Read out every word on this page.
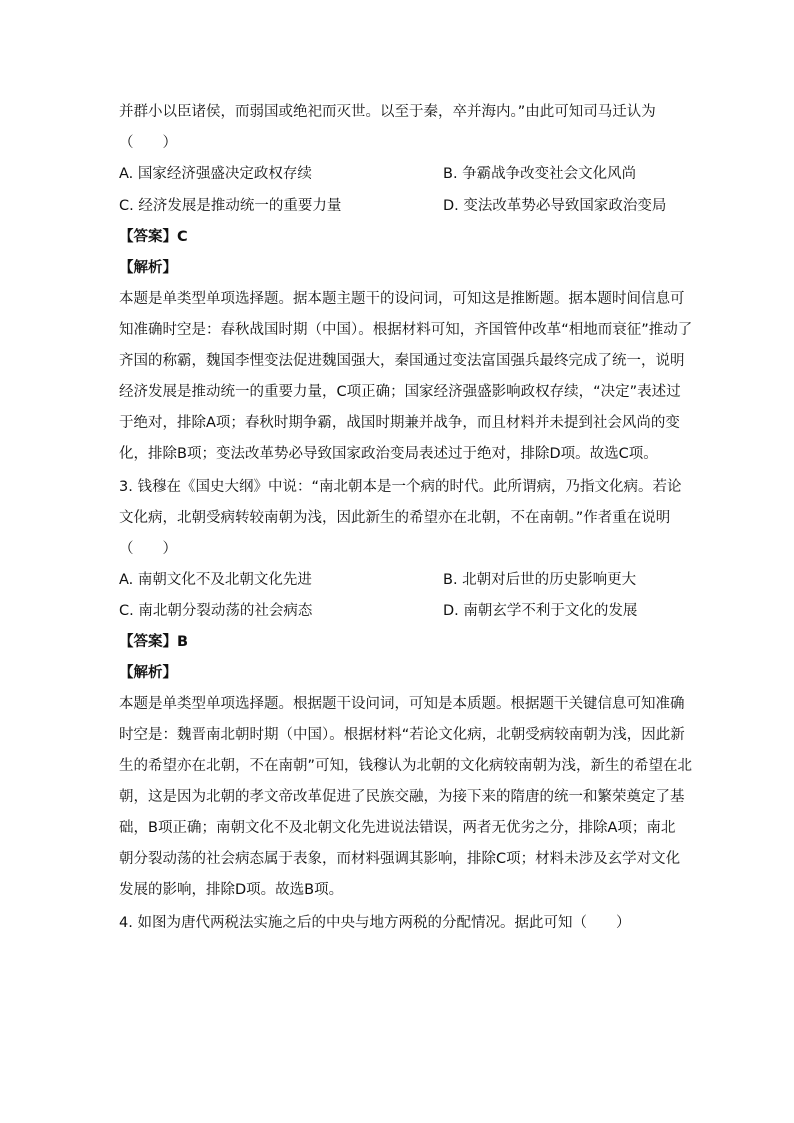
并群小以臣诸侯，而弱国或绝祀而灭世。以至于秦，卒并海内。”由此可知司马迁认为
（　　）
A. 国家经济强盛决定政权存续	B. 争霸战争改变社会文化风尚
C. 经济发展是推动统一的重要力量	D. 变法改革势必导致国家政治变局
【答案】C
【解析】
本题是单类型单项选择题。据本题主题干的设问词，可知这是推断题。据本题时间信息可
知准确时空是：春秋战国时期（中国）。根据材料可知，齐国管仲改革“相地而衰征”推动了
齐国的称霸，魏国李悝变法促进魏国强大，秦国通过变法富国强兵最终完成了统一，说明
经济发展是推动统一的重要力量，C项正确；国家经济强盛影响政权存续，“决定”表述过
于绝对，排除A项；春秋时期争霸，战国时期兼并战争，而且材料并未提到社会风尚的变
化，排除B项；变法改革势必导致国家政治变局表述过于绝对，排除D项。故选C项。
3. 钱穆在《国史大纲》中说：“南北朝本是一个病的时代。此所谓病，乃指文化病。若论
文化病，北朝受病转较南朝为浅，因此新生的希望亦在北朝，不在南朝。”作者重在说明
（　　）
A. 南朝文化不及北朝文化先进	B. 北朝对后世的历史影响更大
C. 南北朝分裂动荡的社会病态	D. 南朝玄学不利于文化的发展
【答案】B
【解析】
本题是单类型单项选择题。根据题干设问词，可知是本质题。根据题干关键信息可知准确
时空是：魏晋南北朝时期（中国）。根据材料“若论文化病，北朝受病较南朝为浅，因此新
生的希望亦在北朝，不在南朝”可知，钱穆认为北朝的文化病较南朝为浅，新生的希望在北
朝，这是因为北朝的孝文帝改革促进了民族交融，为接下来的隋唐的统一和繁荣奠定了基
础，B项正确；南朝文化不及北朝文化先进说法错误，两者无优劣之分，排除A项；南北
朝分裂动荡的社会病态属于表象，而材料强调其影响，排除C项；材料未涉及玄学对文化
发展的影响，排除D项。故选B项。
4. 如图为唐代两税法实施之后的中央与地方两税的分配情况。据此可知（　　）
